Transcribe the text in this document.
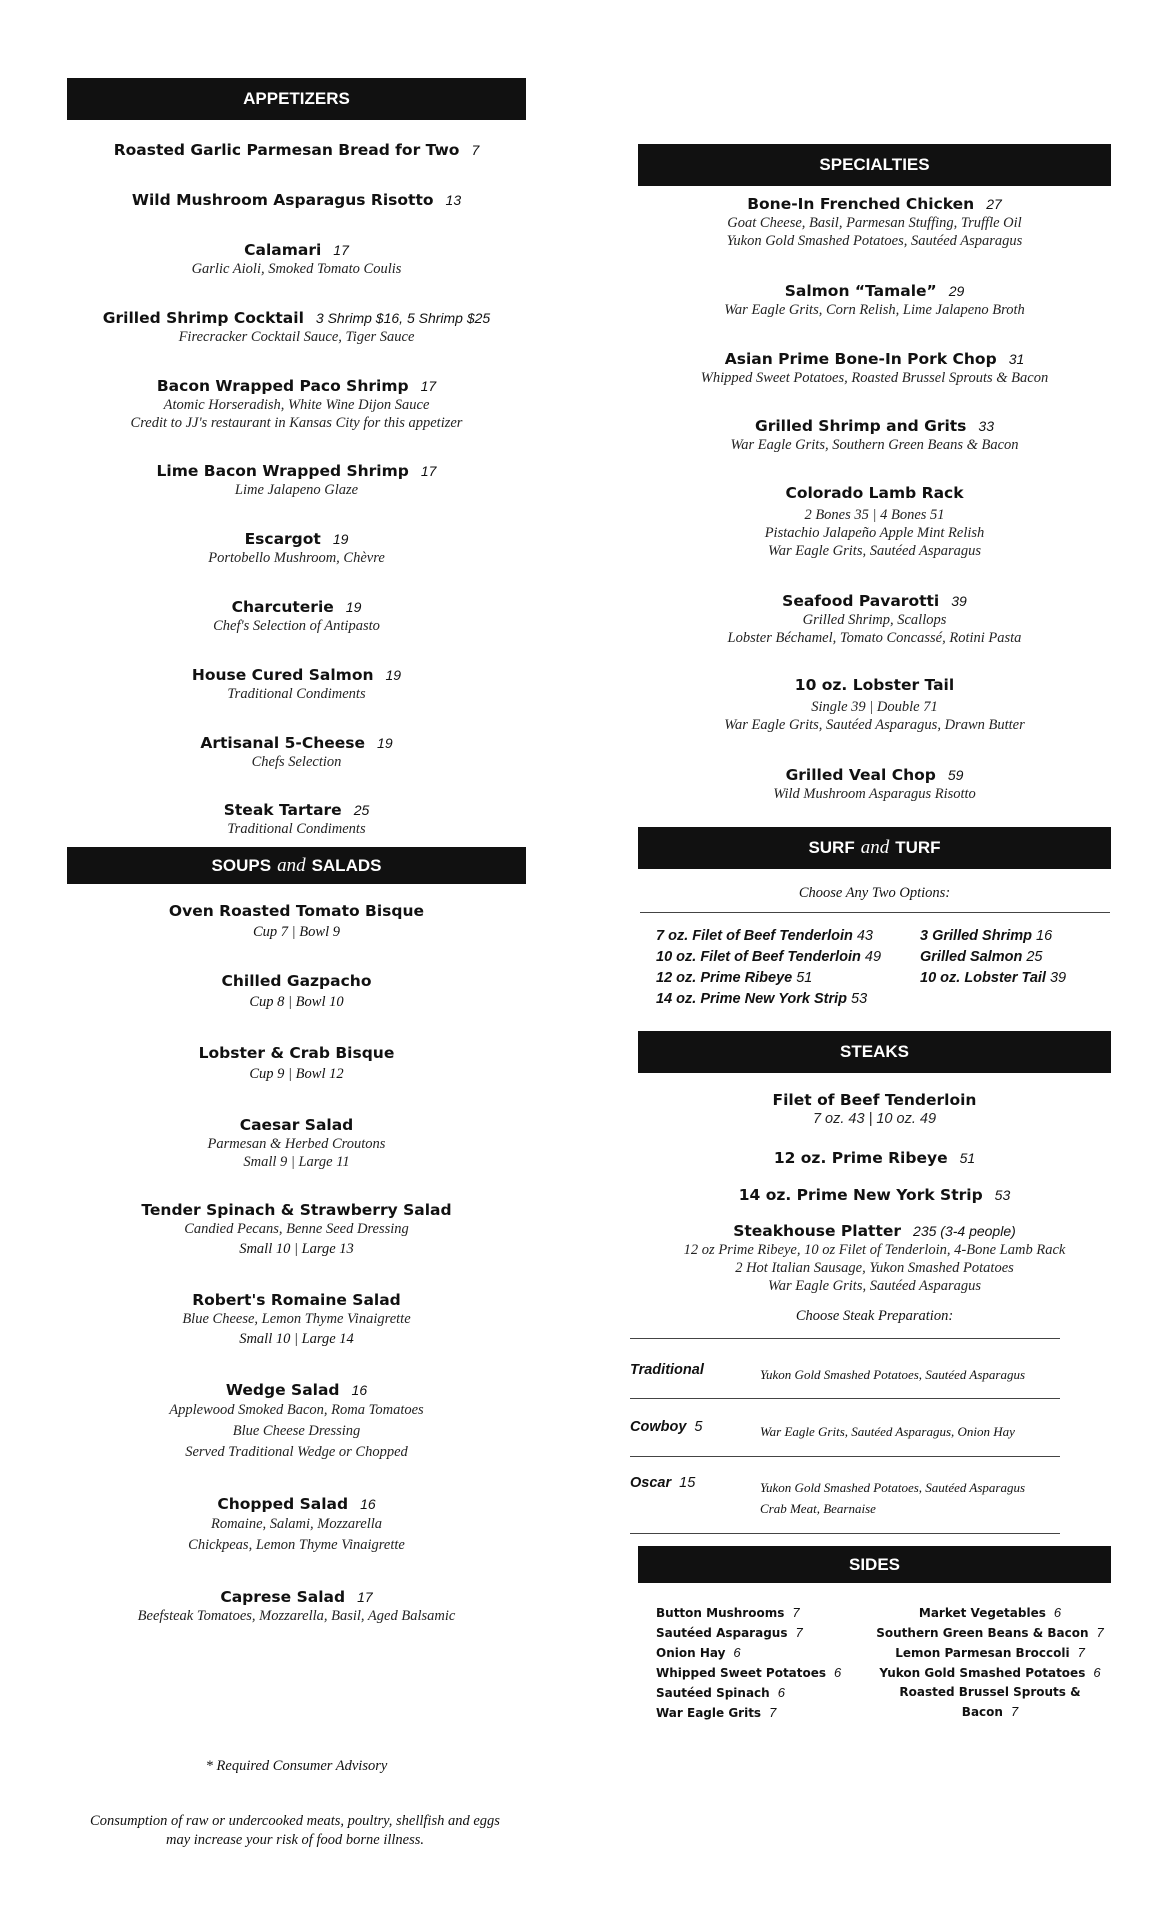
APPETIZERS
SOUPS and SALADS
SPECIALTIES
SURF and TURF
STEAKS
SIDES
Roasted Garlic Parmesan Bread for Two 7
Wild Mushroom Asparagus Risotto 13
Calamari 17
Garlic Aioli, Smoked Tomato Coulis
Grilled Shrimp Cocktail 3 Shrimp $16, 5 Shrimp $25
Firecracker Cocktail Sauce, Tiger Sauce
Bacon Wrapped Paco Shrimp 17
Atomic Horseradish, White Wine Dijon Sauce
Credit to JJ's restaurant in Kansas City for this appetizer
Lime Bacon Wrapped Shrimp 17
Lime Jalapeno Glaze
Escargot 19
Portobello Mushroom, Chèvre
Charcuterie 19
Chef's Selection of Antipasto
House Cured Salmon 19
Traditional Condiments
Artisanal 5-Cheese 19
Chefs Selection
Steak Tartare 25
Traditional Condiments
Oven Roasted Tomato Bisque
Cup 7 | Bowl 9
Chilled Gazpacho
Cup 8 | Bowl 10
Lobster & Crab Bisque
Cup 9 | Bowl 12
Caesar Salad
Parmesan & Herbed Croutons
Small 9 | Large 11
Tender Spinach & Strawberry Salad
Candied Pecans, Benne Seed Dressing
Small 10 | Large 13
Robert's Romaine Salad
Blue Cheese, Lemon Thyme Vinaigrette
Small 10 | Large 14
Wedge Salad 16
Applewood Smoked Bacon, Roma Tomatoes
Blue Cheese Dressing
Served Traditional Wedge or Chopped
Chopped Salad 16
Romaine, Salami, Mozzarella
Chickpeas, Lemon Thyme Vinaigrette
Caprese Salad 17
Beefsteak Tomatoes, Mozzarella, Basil, Aged Balsamic
Bone-In Frenched Chicken 27
Goat Cheese, Basil, Parmesan Stuffing, Truffle Oil
Yukon Gold Smashed Potatoes, Sautéed Asparagus
Salmon “Tamale” 29
War Eagle Grits, Corn Relish, Lime Jalapeno Broth
Asian Prime Bone-In Pork Chop 31
Whipped Sweet Potatoes, Roasted Brussel Sprouts & Bacon
Grilled Shrimp and Grits 33
War Eagle Grits, Southern Green Beans & Bacon
Colorado Lamb Rack
2 Bones 35 | 4 Bones 51
Pistachio Jalapeño Apple Mint Relish
War Eagle Grits, Sautéed Asparagus
Seafood Pavarotti 39
Grilled Shrimp, Scallops
Lobster Béchamel, Tomato Concassé, Rotini Pasta
10 oz. Lobster Tail
Single 39 | Double 71
War Eagle Grits, Sautéed Asparagus, Drawn Butter
Grilled Veal Chop 59
Wild Mushroom Asparagus Risotto
Choose Any Two Options:
7 oz. Filet of Beef Tenderloin 43
10 oz. Filet of Beef Tenderloin 49
12 oz. Prime Ribeye 51
14 oz. Prime New York Strip 53
3 Grilled Shrimp 16
Grilled Salmon 25
10 oz. Lobster Tail 39
Filet of Beef Tenderloin
7 oz. 43 | 10 oz. 49
12 oz. Prime Ribeye 51
14 oz. Prime New York Strip 53
Steakhouse Platter 235 (3-4 people)
12 oz Prime Ribeye, 10 oz Filet of Tenderloin, 4-Bone Lamb Rack
2 Hot Italian Sausage, Yukon Smashed Potatoes
War Eagle Grits, Sautéed Asparagus
Choose Steak Preparation:
Traditional	Yukon Gold Smashed Potatoes, Sautéed Asparagus
Cowboy 5	War Eagle Grits, Sautéed Asparagus, Onion Hay
Oscar 15	Yukon Gold Smashed Potatoes, Sautéed Asparagus
Crab Meat, Bearnaise
Button Mushrooms 7
Sautéed Asparagus 7
Onion Hay 6
Whipped Sweet Potatoes 6
Sautéed Spinach 6
War Eagle Grits 7
Market Vegetables 6
Southern Green Beans & Bacon 7
Lemon Parmesan Broccoli 7
Yukon Gold Smashed Potatoes 6
Roasted Brussel Sprouts & Bacon 7
* Required Consumer Advisory
Consumption of raw or undercooked meats, poultry, shellfish and eggs
may increase your risk of food borne illness.
